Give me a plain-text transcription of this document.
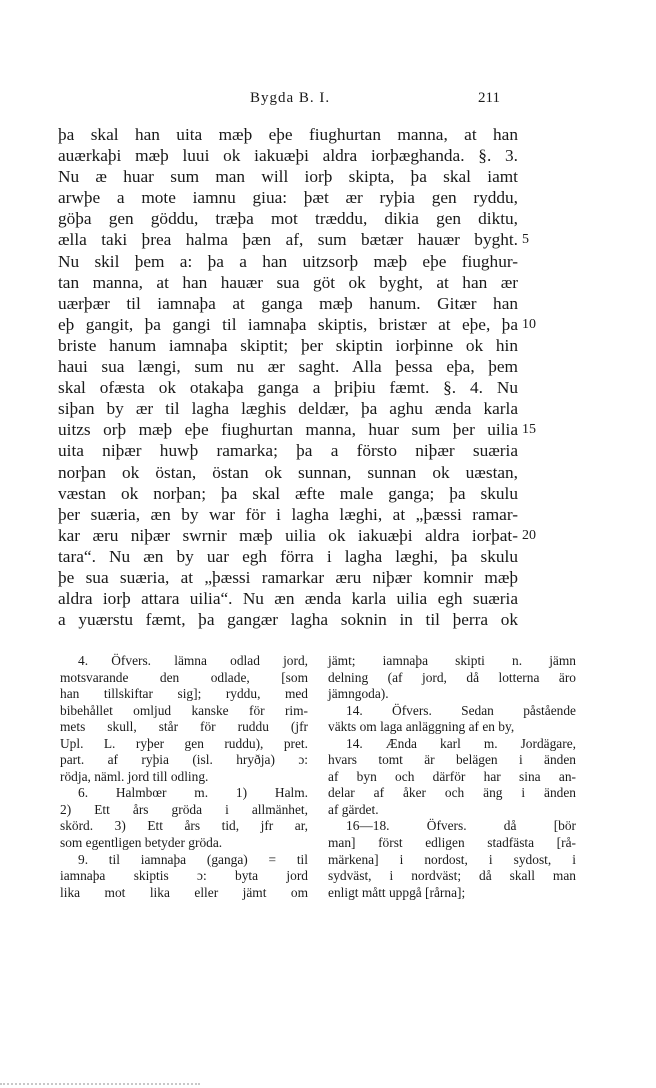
Bygda B. I.	211
þa skal han uita mæþ eþe fiughurtan manna, at han
auærkaþi mæþ luui ok iakuæþi aldra iorþæghanda. §. 3.
Nu æ huar sum man will iorþ skipta, þa skal iamt
arwþe a mote iamnu giua: þæt ær ryþia gen ryddu,
göþa gen göddu, træþa mot træddu, dikia gen diktu,
ælla taki þrea halma þæn af, sum bætær hauær byght.
Nu skil þem a: þa a han uitzsorþ mæþ eþe fiughur-
tan manna, at han hauær sua göt ok byght, at han ær
uærþær til iamnaþa at ganga mæþ hanum. Gitær han
eþ gangit, þa gangi til iamnaþa skiptis, bristær at eþe, þa
briste hanum iamnaþa skiptit; þer skiptin iorþinne ok hin
haui sua længi, sum nu ær saght. Alla þessa eþa, þem
skal ofæsta ok otakaþa ganga a þriþiu fæmt. §. 4. Nu
siþan by ær til lagha læghis deldær, þa aghu ænda karla
uitzs orþ mæþ eþe fiughurtan manna, huar sum þer uilia
uita niþær huwþ ramarka; þa a försto niþær suæria
norþan ok östan, östan ok sunnan, sunnan ok uæstan,
væstan ok norþan; þa skal æfte male ganga; þa skulu
þer suæria, æn by war för i lagha læghi, at „þæssi ramar-
kar æru niþær swrnir mæþ uilia ok iakuæþi aldra iorþat-
tara“. Nu æn by uar egh förra i lagha læghi, þa skulu
þe sua suæria, at „þæssi ramarkar æru niþær komnir mæþ
aldra iorþ attara uilia“. Nu æn ænda karla uilia egh suæria
a yuærstu fæmt, þa gangær lagha soknin in til þerra ok
5
10
15
20
4. Öfvers. lämna odlad jord,
motsvarande den odlade, [som
han tillskiftar sig]; ryddu, med
bibehållet omljud kanske för rim-
mets skull, står för ruddu (jfr
Upl. L. ryþer gen ruddu), pret.
part. af ryþia (isl. hryðja) ɔ:
rödja, näml. jord till odling.
6. Halmbœr m. 1) Halm.
2) Ett års gröda i allmänhet,
skörd. 3) Ett års tid, jfr ar,
som egentligen betyder gröda.
9. til iamnaþa (ganga) = til
iamnaþa skiptis ɔ: byta jord
lika mot lika eller jämt om
jämt; iamnaþa skipti n. jämn
delning (af jord, då lotterna äro
jämngoda).
14. Öfvers. Sedan påstående
väkts om laga anläggning af en by,
14. Ænda karl m. Jordägare,
hvars tomt är belägen i änden
af byn och därför har sina an-
delar af åker och äng i änden
af gärdet.
16—18. Öfvers. då [bör
man] först edligen stadfästa [rå-
märkena] i nordost, i sydost, i
sydväst, i nordväst; då skall man
enligt mått uppgå [rårna];
